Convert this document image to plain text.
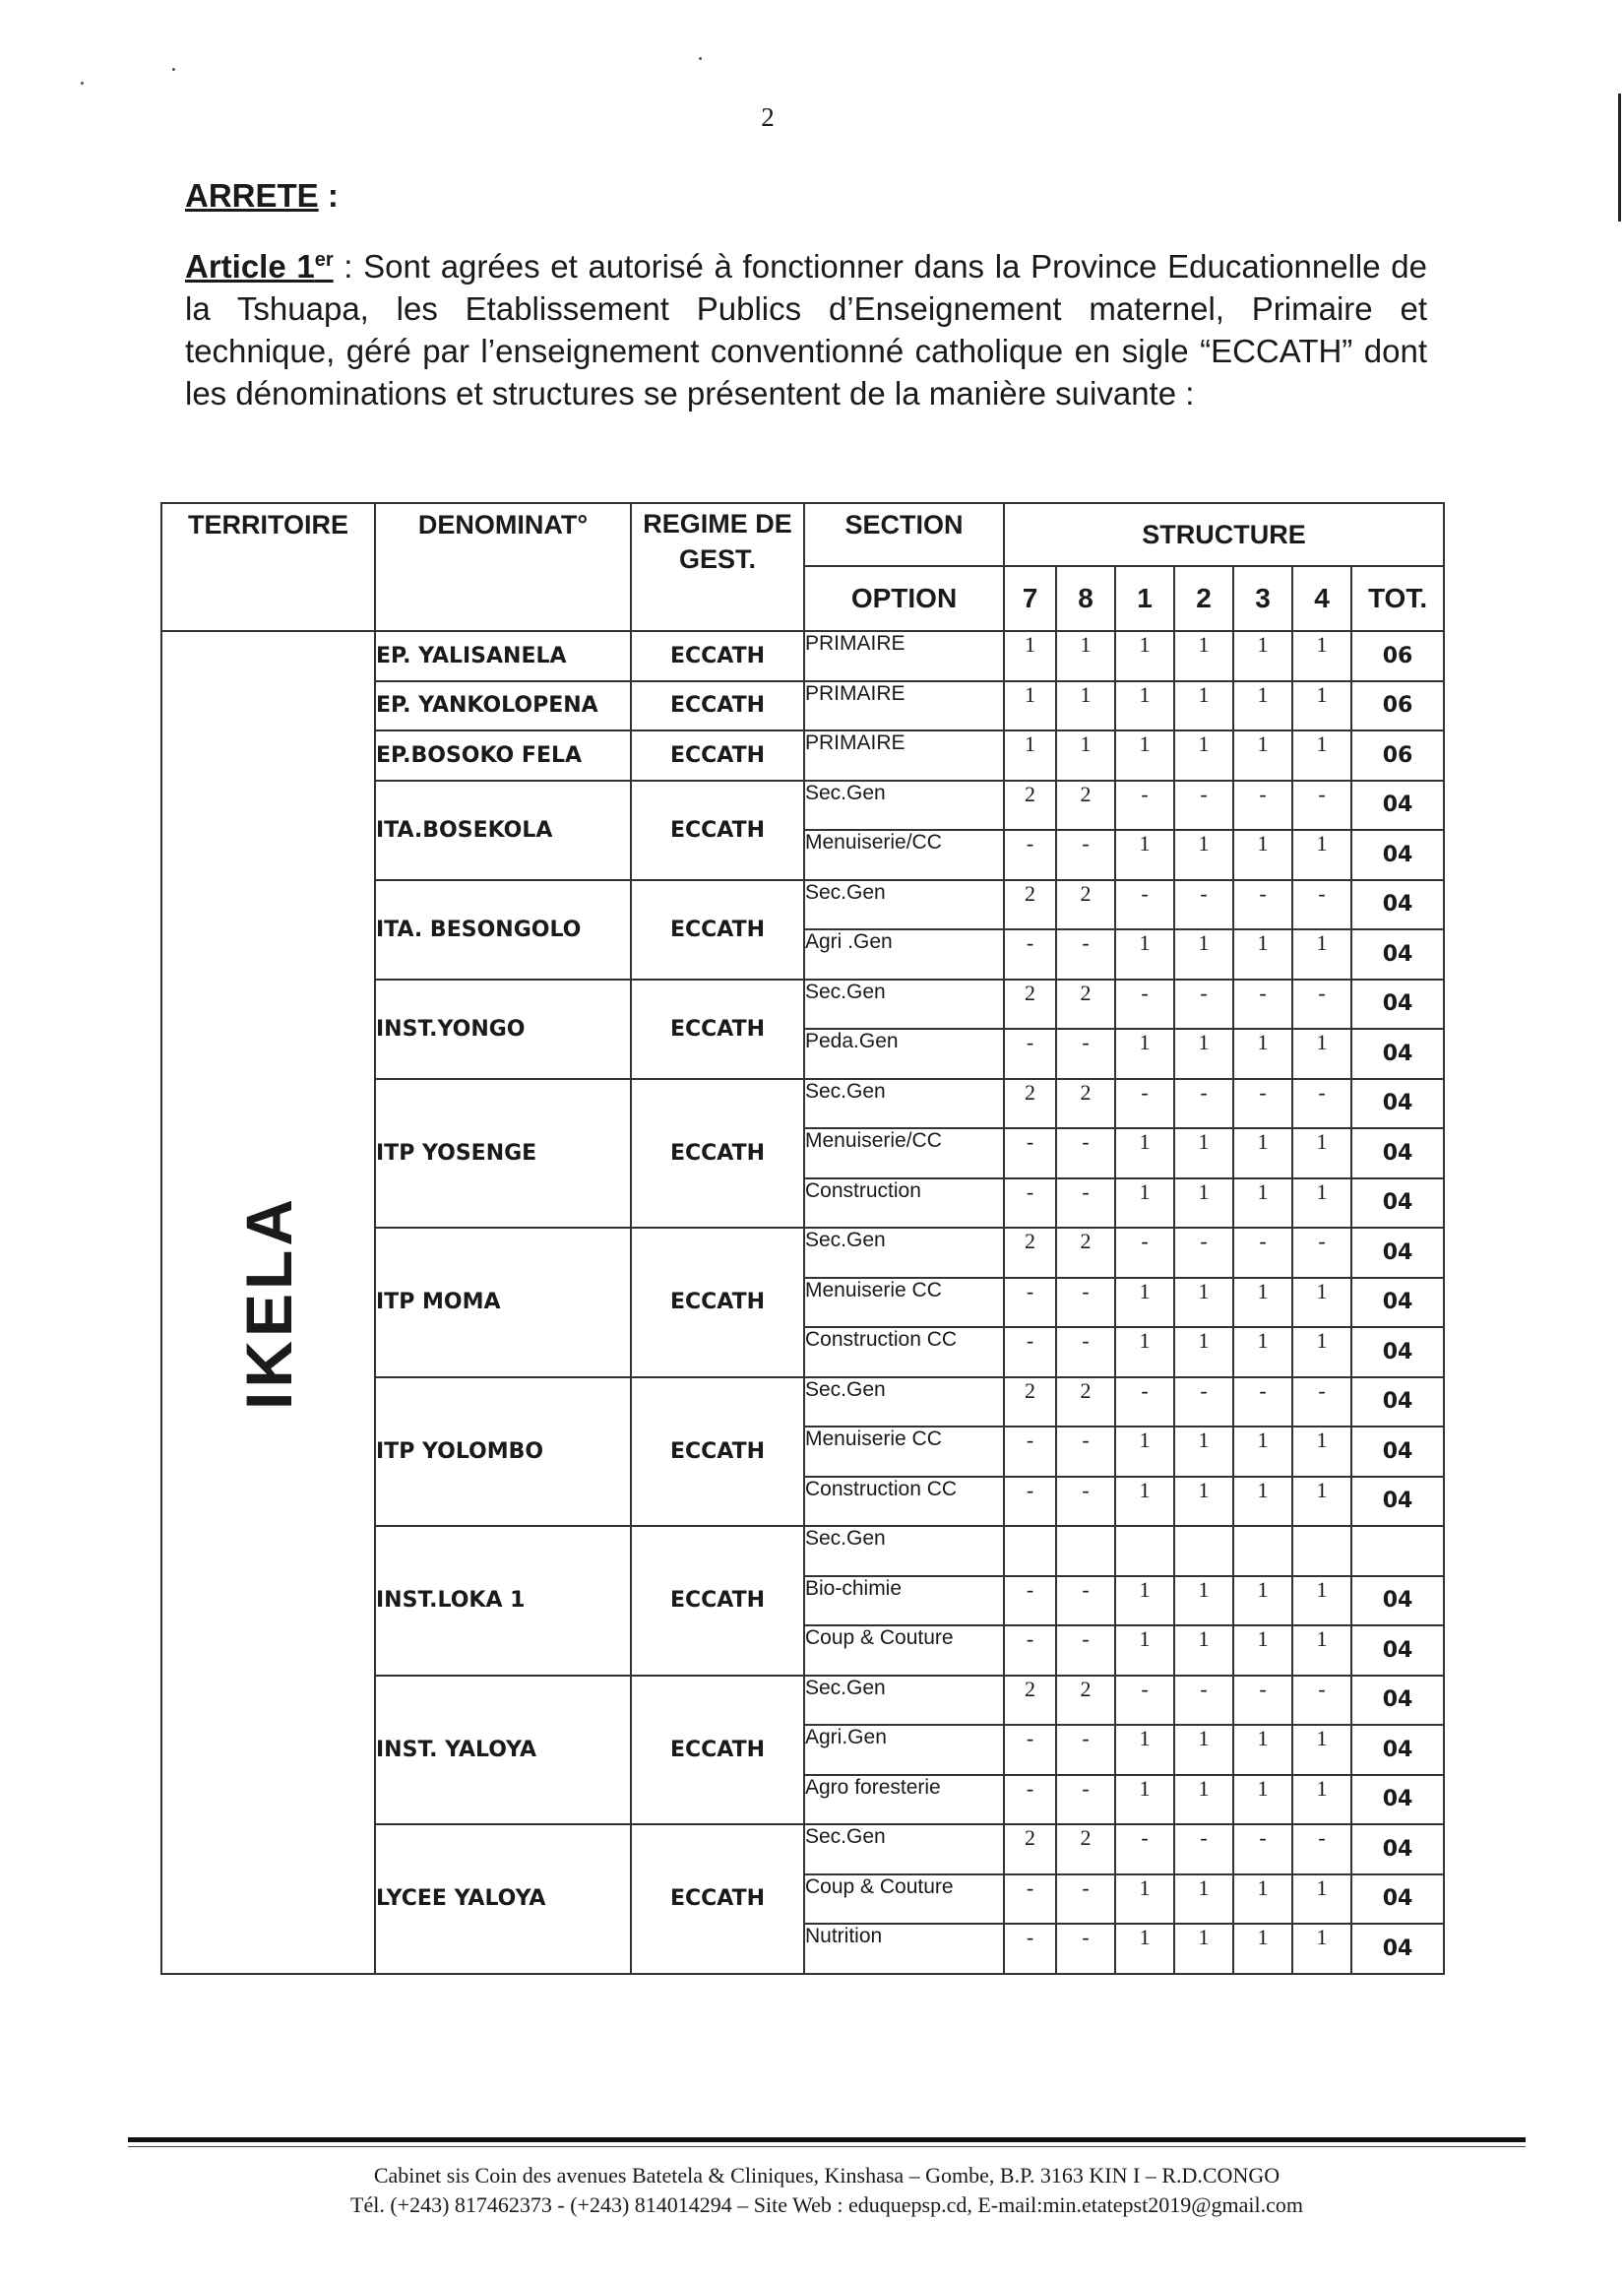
2
ARRETE :
Article 1er : Sont agrées et autorisé à fonctionner dans la Province Educationnelle de la Tshuapa, les Etablissement Publics d’Enseignement maternel, Primaire et technique, géré par l’enseignement conventionné catholique en sigle “ECCATH” dont les dénominations et structures se présentent de la manière suivante :
TERRITOIRE	DENOMINAT°	REGIME DE GEST.	SECTION	STRUCTURE						
			OPTION	7	8	1	2	3	4	TOT.

IKELA	EP. YALISANELA	ECCATH	PRIMAIRE	1	1	1	1	1	1	06
	EP. YANKOLOPENA	ECCATH	PRIMAIRE	1	1	1	1	1	1	06
	EP.BOSOKO FELA	ECCATH	PRIMAIRE	1	1	1	1	1	1	06
	ITA.BOSEKOLA	ECCATH	Sec.Gen	2	2	-	-	-	-	04
			Menuiserie/CC	-	-	1	1	1	1	04
	ITA. BESONGOLO	ECCATH	Sec.Gen	2	2	-	-	-	-	04
			Agri .Gen	-	-	1	1	1	1	04
	INST.YONGO	ECCATH	Sec.Gen	2	2	-	-	-	-	04
			Peda.Gen	-	-	1	1	1	1	04
	ITP YOSENGE	ECCATH	Sec.Gen	2	2	-	-	-	-	04
			Menuiserie/CC	-	-	1	1	1	1	04
			Construction	-	-	1	1	1	1	04
	ITP MOMA	ECCATH	Sec.Gen	2	2	-	-	-	-	04
			Menuiserie CC	-	-	1	1	1	1	04
			Construction CC	-	-	1	1	1	1	04
	ITP YOLOMBO	ECCATH	Sec.Gen	2	2	-	-	-	-	04
			Menuiserie CC	-	-	1	1	1	1	04
			Construction CC	-	-	1	1	1	1	04
	INST.LOKA 1	ECCATH	Sec.Gen							
			Bio-chimie	-	-	1	1	1	1	04
			Coup & Couture	-	-	1	1	1	1	04
	INST. YALOYA	ECCATH	Sec.Gen	2	2	-	-	-	-	04
			Agri.Gen	-	-	1	1	1	1	04
			Agro foresterie	-	-	1	1	1	1	04
	LYCEE YALOYA	ECCATH	Sec.Gen	2	2	-	-	-	-	04
			Coup & Couture	-	-	1	1	1	1	04
			Nutrition	-	-	1	1	1	1	04
Cabinet sis Coin des avenues Batetela & Cliniques, Kinshasa – Gombe, B.P. 3163 KIN I – R.D.CONGO
Tél. (+243) 817462373 - (+243) 814014294 – Site Web : eduquepsp.cd, E-mail:min.etatepst2019@gmail.com
